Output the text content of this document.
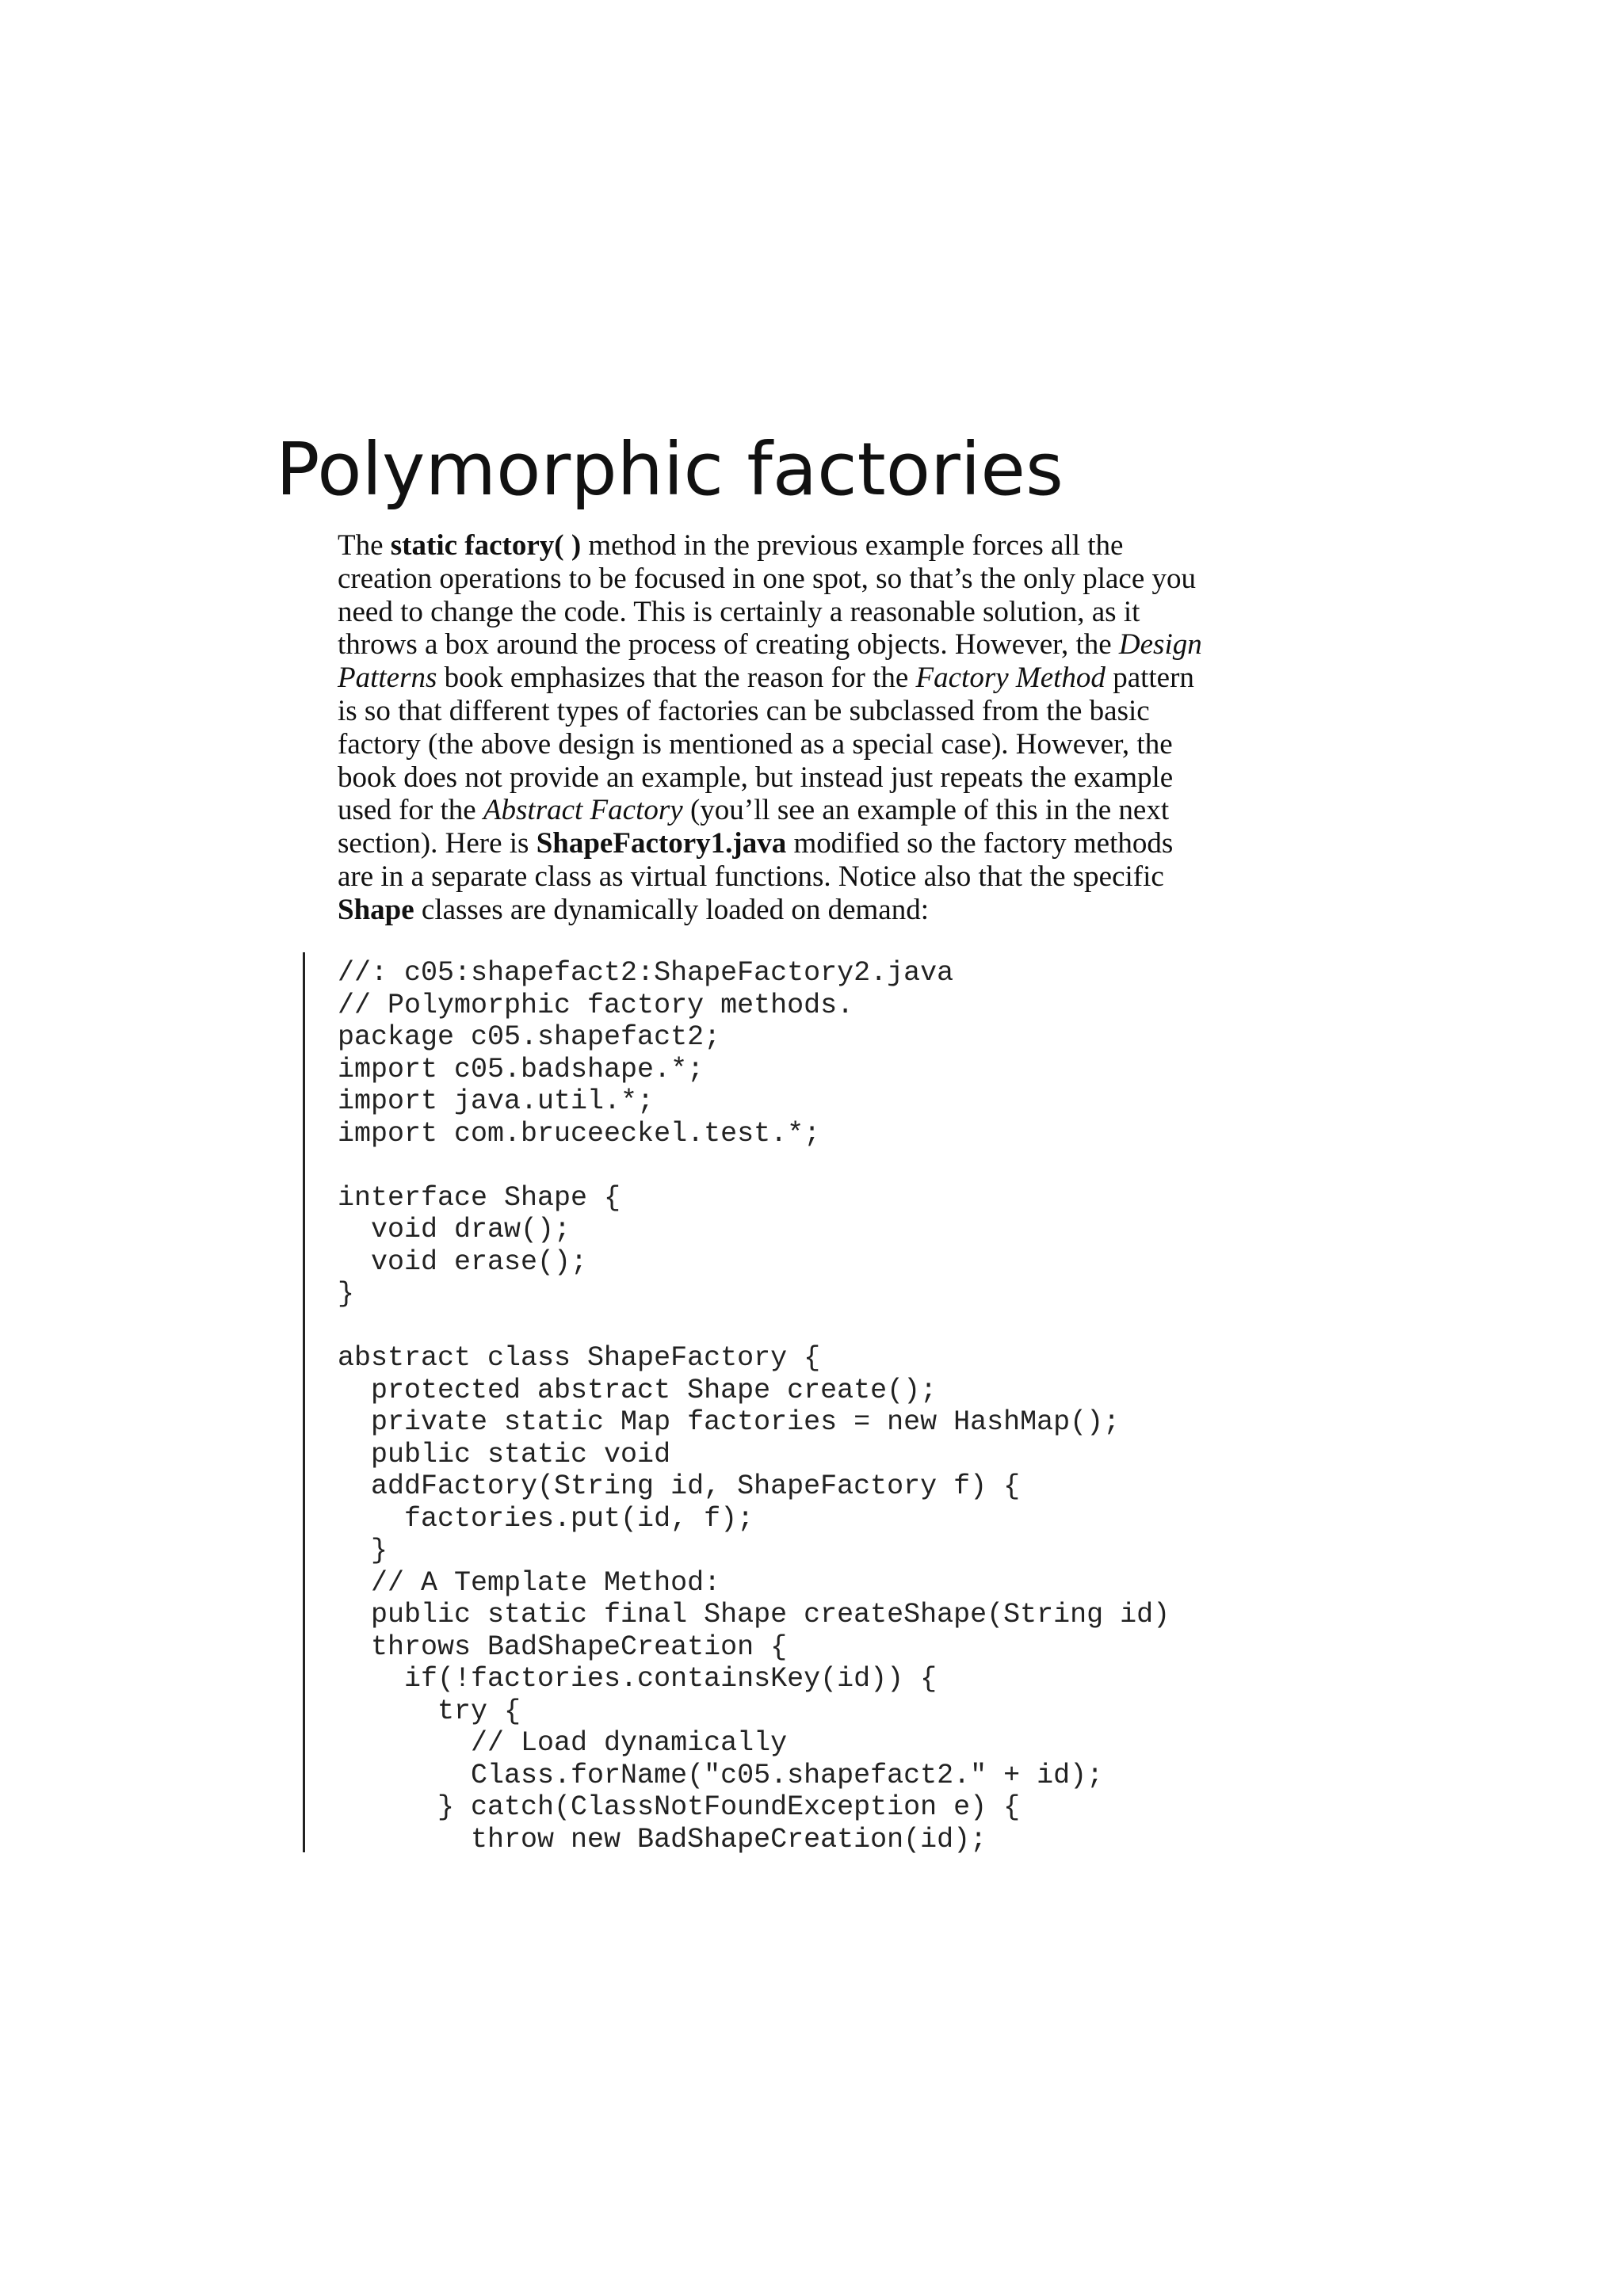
Polymorphic factories

The static factory( ) method in the previous example forces all the
creation operations to be focused in one spot, so that’s the only place you
need to change the code. This is certainly a reasonable solution, as it
throws a box around the process of creating objects. However, the Design
Patterns book emphasizes that the reason for the Factory Method pattern
is so that different types of factories can be subclassed from the basic
factory (the above design is mentioned as a special case). However, the
book does not provide an example, but instead just repeats the example
used for the Abstract Factory (you’ll see an example of this in the next
section). Here is ShapeFactory1.java modified so the factory methods
are in a separate class as virtual functions. Notice also that the specific
Shape classes are dynamically loaded on demand:

//: c05:shapefact2:ShapeFactory2.java
// Polymorphic factory methods.
package c05.shapefact2;
import c05.badshape.*;
import java.util.*;
import com.bruceeckel.test.*;
interface Shape {
void draw();
void erase();
}
abstract class ShapeFactory {
protected abstract Shape create();
private static Map factories = new HashMap();
public static void
addFactory(String id, ShapeFactory f) {
factories.put(id, f);
}
// A Template Method:
public static final Shape createShape(String id)
throws BadShapeCreation {
if(!factories.containsKey(id)) {
try {
// Load dynamically
Class.forName("c05.shapefact2." + id);
} catch(ClassNotFoundException e) {
throw new BadShapeCreation(id);
